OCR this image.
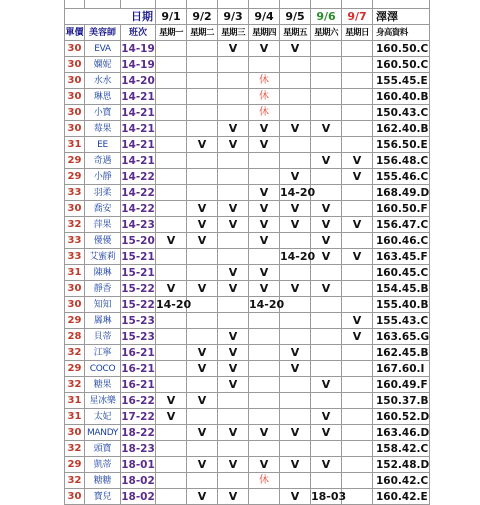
日期			9/1	9/2	9/3	9/4	9/5	9/6	9/7	澤澤
單價	美容師	班次	星期一	星期二	星期三	星期四	星期五	星期六	星期日	身高資料
30	EVA	14-19			V	V	V			160.50.C
30	嫻妮	14-19								160.50.C
30	水水	14-20				休				155.45.E
30	琳恩	14-21				休				160.40.B
30	小寶	14-21				休				150.43.C
30	莓果	14-21			V	V	V	V		162.40.B
31	EE	14-21		V	V	V				156.50.E
29	奇遇	14-21						V	V	156.48.C
29	小靜	14-22					V		V	155.46.C
33	羽柔	14-22				V	14-20			168.49.D
30	喬安	14-22		V	V	V	V	V		160.50.F
32	萍果	14-23		V	V	V	V	V	V	156.47.C
33	優優	15-20	V	V		V		V		160.46.C
33	艾蜜莉	15-21					14-20	V	V	163.45.F
31	陳琳	15-21			V	V				160.45.C
30	靜香	15-22	V	V	V	V	V	V		154.45.B
30	知知	15-22	14-20			14-20				155.40.B
29	羼琳	15-23							V	155.43.C
28	貝蒂	15-23			V				V	163.65.G
32	江寧	16-21		V	V		V			162.45.B
29	COCO	16-21		V	V		V			167.60.I
32	糖果	16-21			V			V		160.49.F
31	星冰樂	16-22	V	V						150.37.B
31	太妃	17-22	V					V		160.52.D
30	MANDY	18-22		V	V	V	V	V		163.46.D
32	頭寶	18-23								158.42.C
29	凱蒂	18-01		V	V	V	V	V		152.48.D
32	糖糖	18-02				休				160.42.C
30	寶兒	18-02		V	V		V	18-03		160.42.E
